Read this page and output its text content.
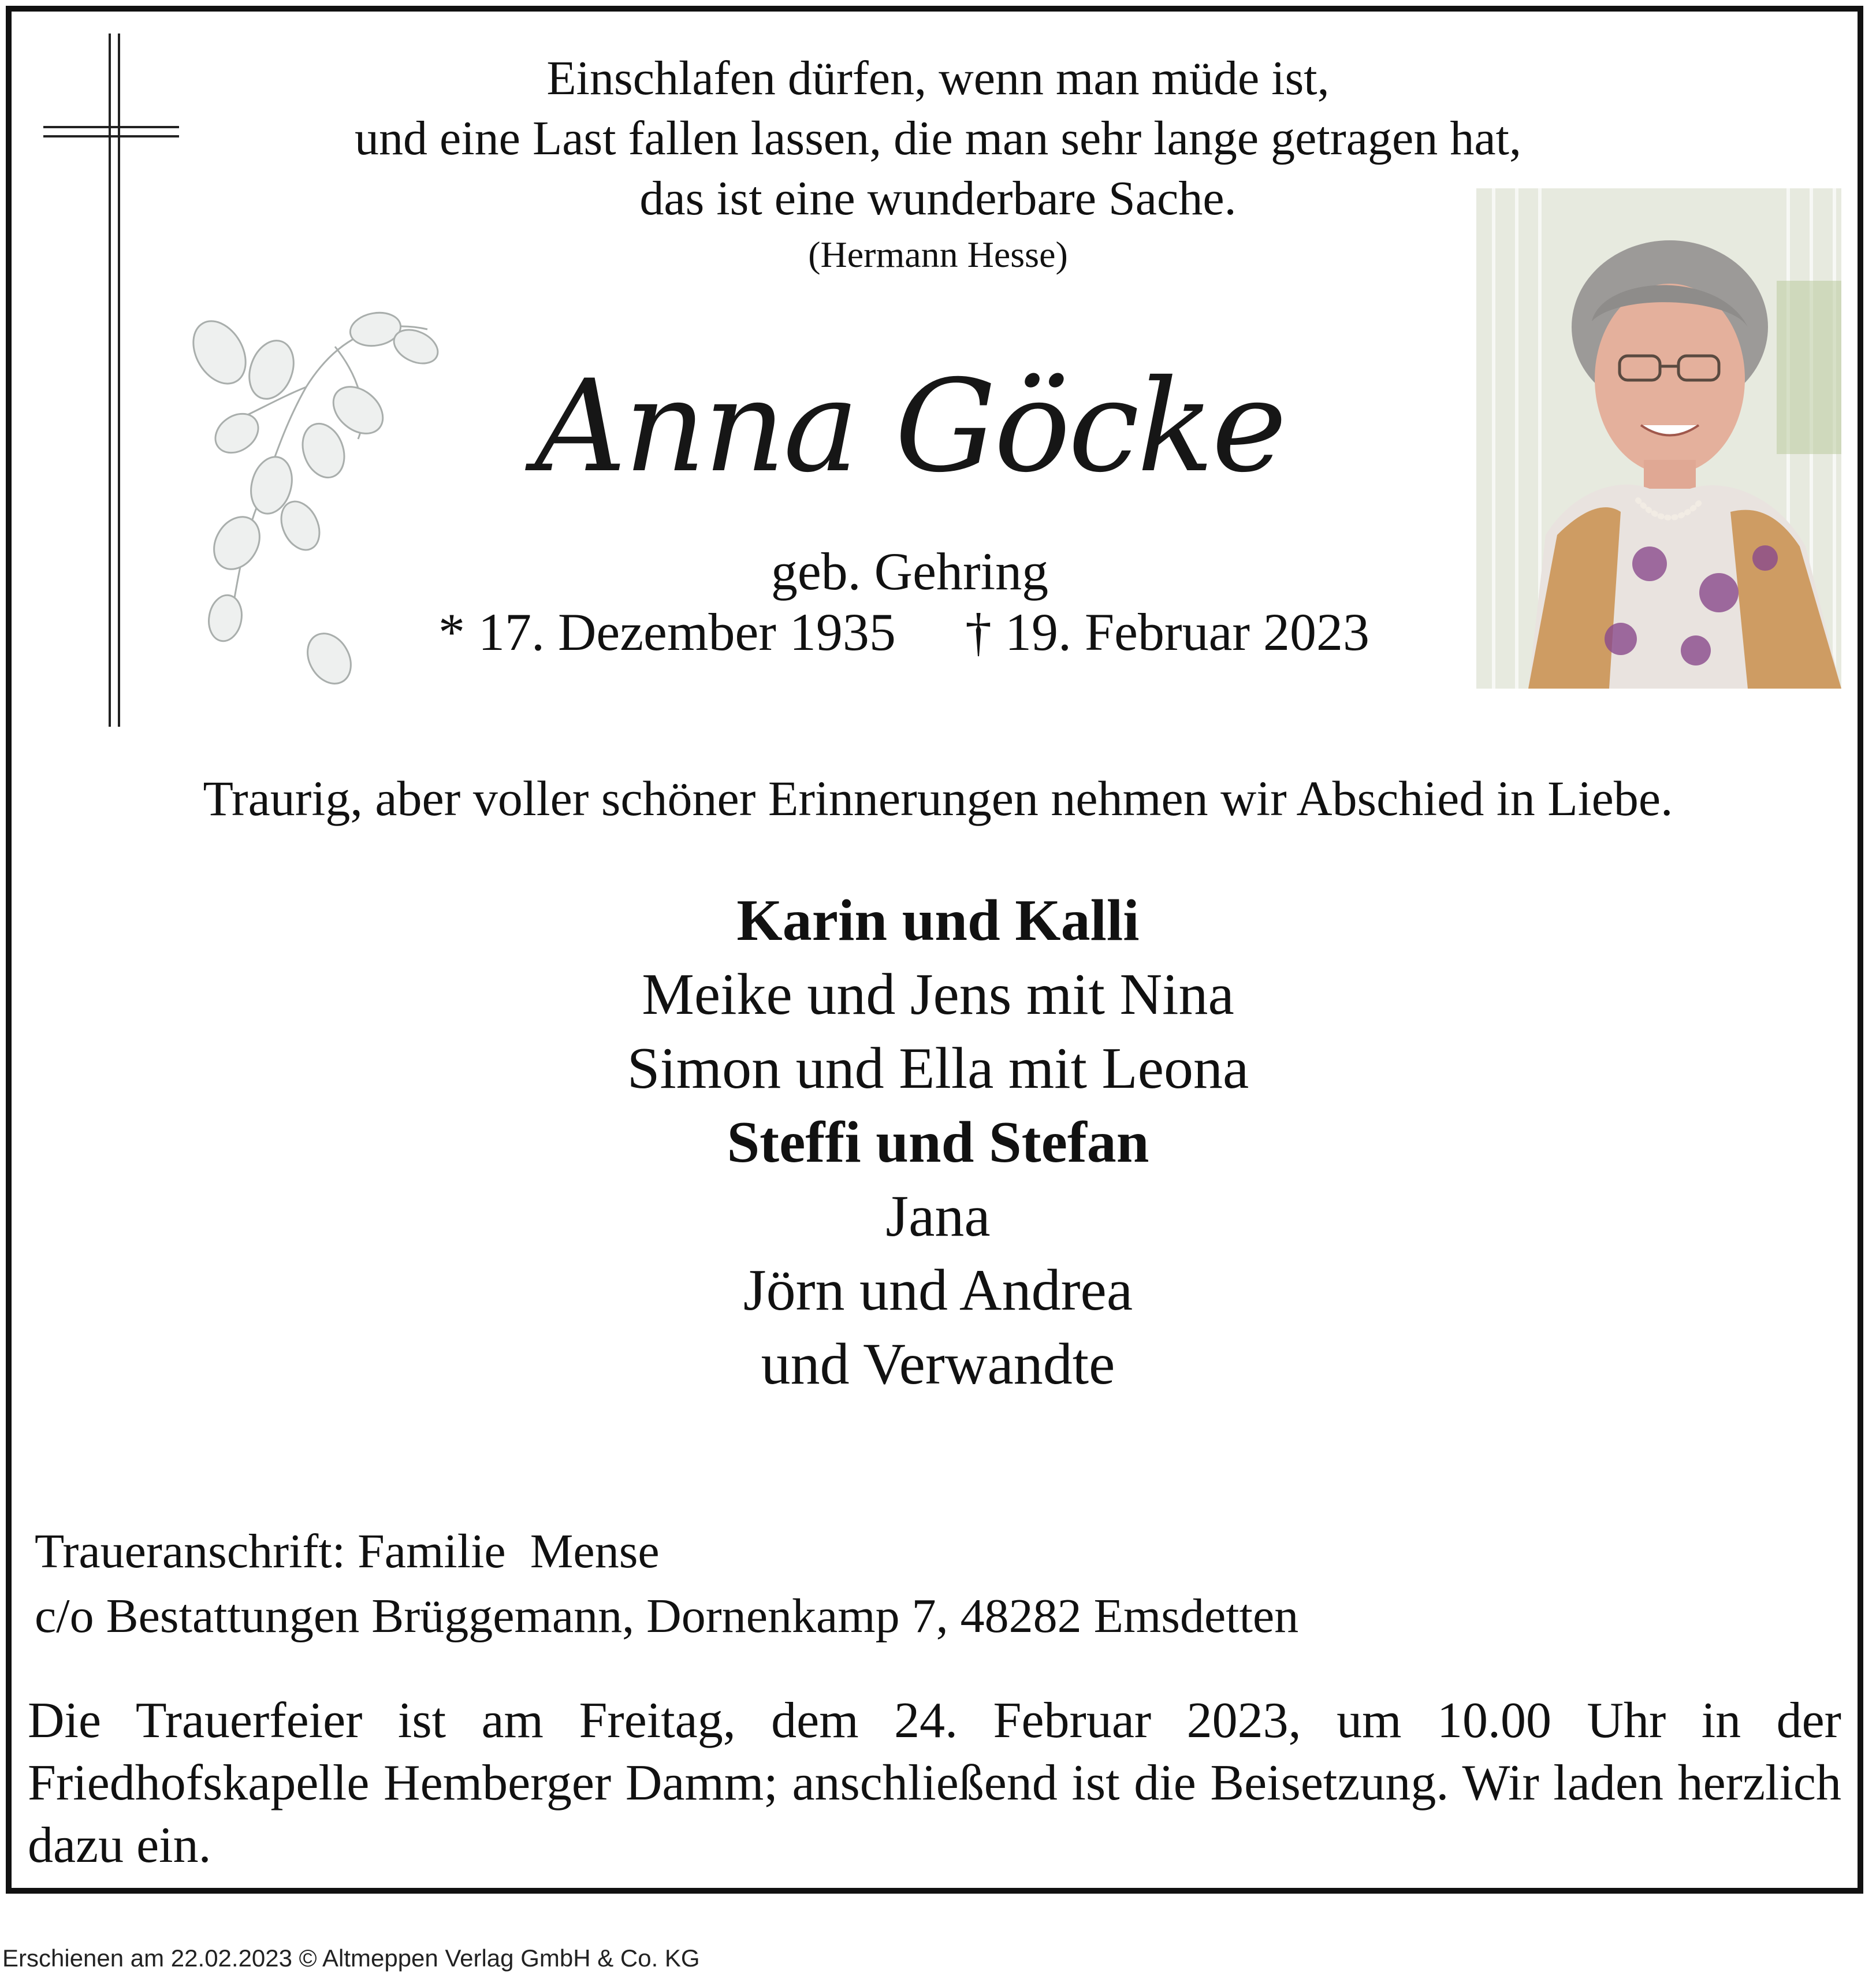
Einschlafen dürfen, wenn man müde ist,
und eine Last fallen lassen, die man sehr lange getragen hat,
das ist eine wunderbare Sache.
(Hermann Hesse)
Anna Göcke
geb. Gehring
* 17. Dezember 1935 † 19. Februar 2023
Traurig, aber voller schöner Erinnerungen nehmen wir Abschied in Liebe.
Karin und Kalli
Meike und Jens mit Nina
Simon und Ella mit Leona
Steffi und Stefan
Jana
Jörn und Andrea
und Verwandte
Traueranschrift: Familie  Mense
c/o Bestattungen Brüggemann, Dornenkamp 7, 48282 Emsdetten
Die Trauerfeier ist am Freitag, dem 24. Februar 2023, um 10.00 Uhr in der Friedhofskapelle Hemberger Damm; anschließend ist die Beisetzung. Wir laden herzlich dazu ein.
Erschienen am 22.02.2023 © Altmeppen Verlag GmbH & Co. KG
